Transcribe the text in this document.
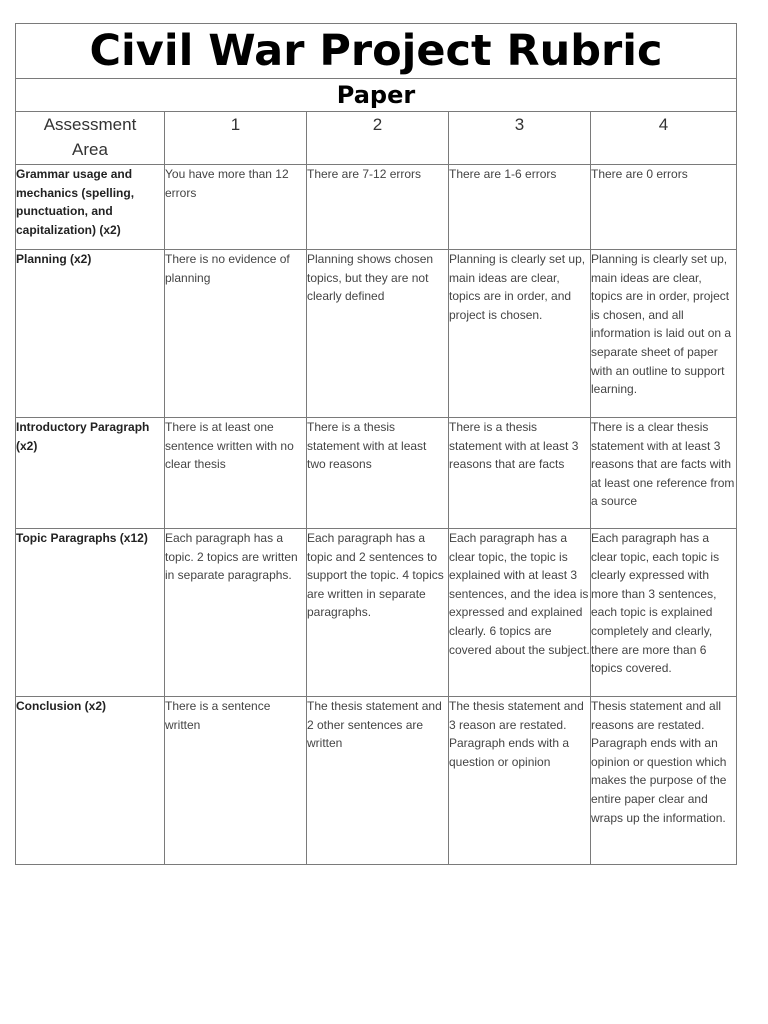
Civil War Project Rubric				
Paper				
Assessment
Area	1	2	3	4
Grammar usage and mechanics (spelling, punctuation, and capitalization) (x2)	You have more than 12 errors	There are 7-12 errors	There are 1-6 errors	There are 0 errors
Planning (x2)	There is no evidence of planning	Planning shows chosen topics, but they are not clearly defined	Planning is clearly set up, main ideas are clear, topics are in order, and project is chosen.	Planning is clearly set up, main ideas are clear, topics are in order, project is chosen, and all information is laid out on a separate sheet of paper with an outline to support learning.
Introductory Paragraph (x2)	There is at least one sentence written with no clear thesis	There is a thesis statement with at least two reasons	There is a thesis statement with at least 3 reasons that are facts	There is a clear thesis statement with at least 3 reasons that are facts with at least one reference from a source
Topic Paragraphs (x12)	Each paragraph has a topic. 2 topics are written in separate paragraphs.	Each paragraph has a topic and 2 sentences to support the topic. 4 topics are written in separate paragraphs.	Each paragraph has a clear topic, the topic is explained with at least 3 sentences, and the idea is expressed and explained clearly. 6 topics are covered about the subject.	Each paragraph has a clear topic, each topic is clearly expressed with more than 3 sentences, each topic is explained completely and clearly, there are more than 6 topics covered.
Conclusion (x2)	There is a sentence written	The thesis statement and 2 other sentences are written	The thesis statement and 3 reason are restated. Paragraph ends with a question or opinion	Thesis statement and all reasons are restated. Paragraph ends with an opinion or question which makes the purpose of the entire paper clear and wraps up the information.
